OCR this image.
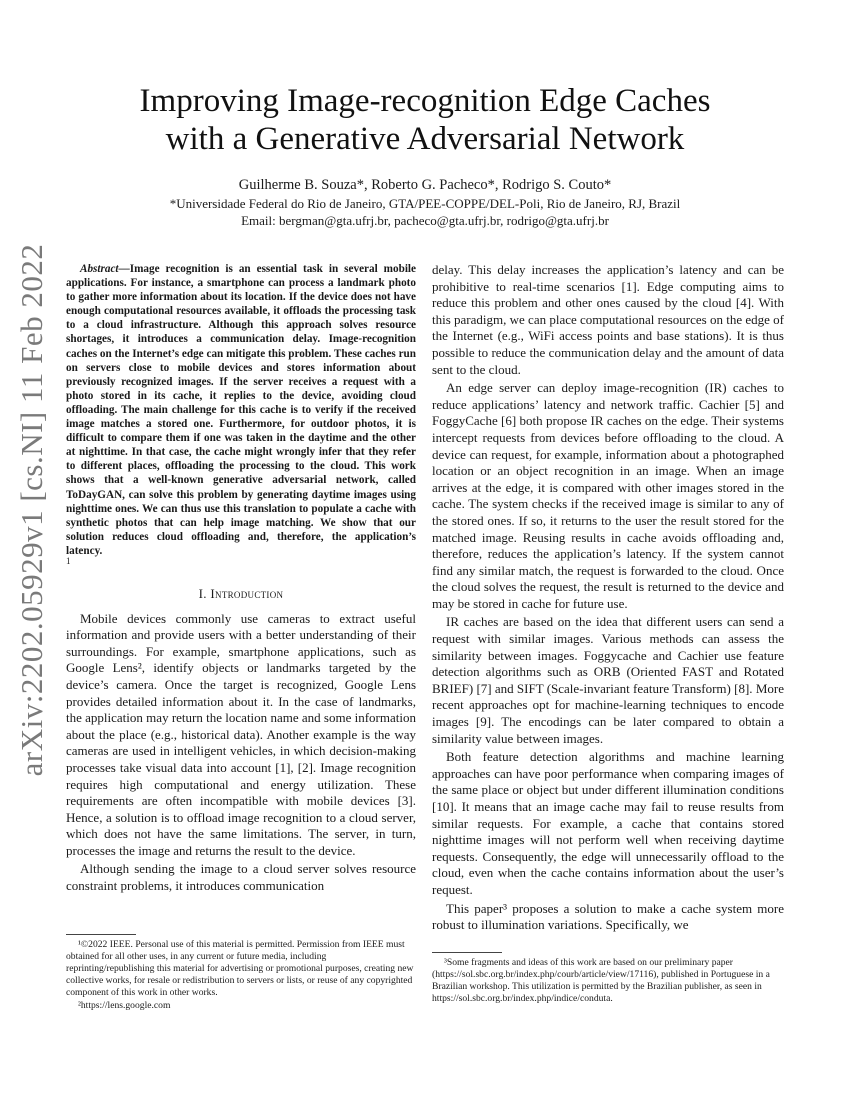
arXiv:2202.05929v1 [cs.NI] 11 Feb 2022
Improving Image-recognition Edge Caches
with a Generative Adversarial Network
Guilherme B. Souza*, Roberto G. Pacheco*, Rodrigo S. Couto*
*Universidade Federal do Rio de Janeiro, GTA/PEE-COPPE/DEL-Poli, Rio de Janeiro, RJ, Brazil
Email: bergman@gta.ufrj.br, pacheco@gta.ufrj.br, rodrigo@gta.ufrj.br

Abstract—Image recognition is an essential task in several mobile applications. For instance, a smartphone can process a landmark photo to gather more information about its location. If the device does not have enough computational resources available, it offloads the processing task to a cloud infrastructure. Although this approach solves resource shortages, it introduces a communication delay. Image-recognition caches on the Internet’s edge can mitigate this problem. These caches run on servers close to mobile devices and stores information about previously recognized images. If the server receives a request with a photo stored in its cache, it replies to the device, avoiding cloud offloading. The main challenge for this cache is to verify if the received image matches a stored one. Furthermore, for outdoor photos, it is difficult to compare them if one was taken in the daytime and the other at nighttime. In that case, the cache might wrongly infer that they refer to different places, offloading the processing to the cloud. This work shows that a well-known generative adversarial network, called ToDayGAN, can solve this problem by generating daytime images using nighttime ones. We can thus use this translation to populate a cache with synthetic photos that can help image matching. We show that our solution reduces cloud offloading and, therefore, the application’s latency.

1
I. Introduction

Mobile devices commonly use cameras to extract useful information and provide users with a better understanding of their surroundings. For example, smartphone applications, such as Google Lens², identify objects or landmarks targeted by the device’s camera. Once the target is recognized, Google Lens provides detailed information about it. In the case of landmarks, the application may return the location name and some information about the place (e.g., historical data). Another example is the way cameras are used in intelligent vehicles, in which decision-making processes take visual data into account [1], [2]. Image recognition requires high computational and energy utilization. These requirements are often incompatible with mobile devices [3]. Hence, a solution is to offload image recognition to a cloud server, which does not have the same limitations. The server, in turn, processes the image and returns the result to the device.

Although sending the image to a cloud server solves resource constraint problems, it introduces communication

¹©2022 IEEE. Personal use of this material is permitted. Permission from IEEE must obtained for all other uses, in any current or future media, including reprinting/republishing this material for advertising or promotional purposes, creating new collective works, for resale or redistribution to servers or lists, or reuse of any copyrighted component of this work in other works.

²https://lens.google.com

delay. This delay increases the application’s latency and can be prohibitive to real-time scenarios [1]. Edge computing aims to reduce this problem and other ones caused by the cloud [4]. With this paradigm, we can place computational resources on the edge of the Internet (e.g., WiFi access points and base stations). It is thus possible to reduce the communication delay and the amount of data sent to the cloud.

An edge server can deploy image-recognition (IR) caches to reduce applications’ latency and network traffic. Cachier [5] and FoggyCache [6] both propose IR caches on the edge. Their systems intercept requests from devices before offloading to the cloud. A device can request, for example, information about a photographed location or an object recognition in an image. When an image arrives at the edge, it is compared with other images stored in the cache. The system checks if the received image is similar to any of the stored ones. If so, it returns to the user the result stored for the matched image. Reusing results in cache avoids offloading and, therefore, reduces the application’s latency. If the system cannot find any similar match, the request is forwarded to the cloud. Once the cloud solves the request, the result is returned to the device and may be stored in cache for future use.

IR caches are based on the idea that different users can send a request with similar images. Various methods can assess the similarity between images. Foggycache and Cachier use feature detection algorithms such as ORB (Oriented FAST and Rotated BRIEF) [7] and SIFT (Scale-invariant feature Transform) [8]. More recent approaches opt for machine-learning techniques to encode images [9]. The encodings can be later compared to obtain a similarity value between images.

Both feature detection algorithms and machine learning approaches can have poor performance when comparing images of the same place or object but under different illumination conditions [10]. It means that an image cache may fail to reuse results from similar requests. For example, a cache that contains stored nighttime images will not perform well when receiving daytime requests. Consequently, the edge will unnecessarily offload to the cloud, even when the cache contains information about the user’s request.

This paper³ proposes a solution to make a cache system more robust to illumination variations. Specifically, we

³Some fragments and ideas of this work are based on our preliminary paper (https://sol.sbc.org.br/index.php/courb/article/view/17116), published in Portuguese in a Brazilian workshop. This utilization is permitted by the Brazilian publisher, as seen in https://sol.sbc.org.br/index.php/indice/conduta.
